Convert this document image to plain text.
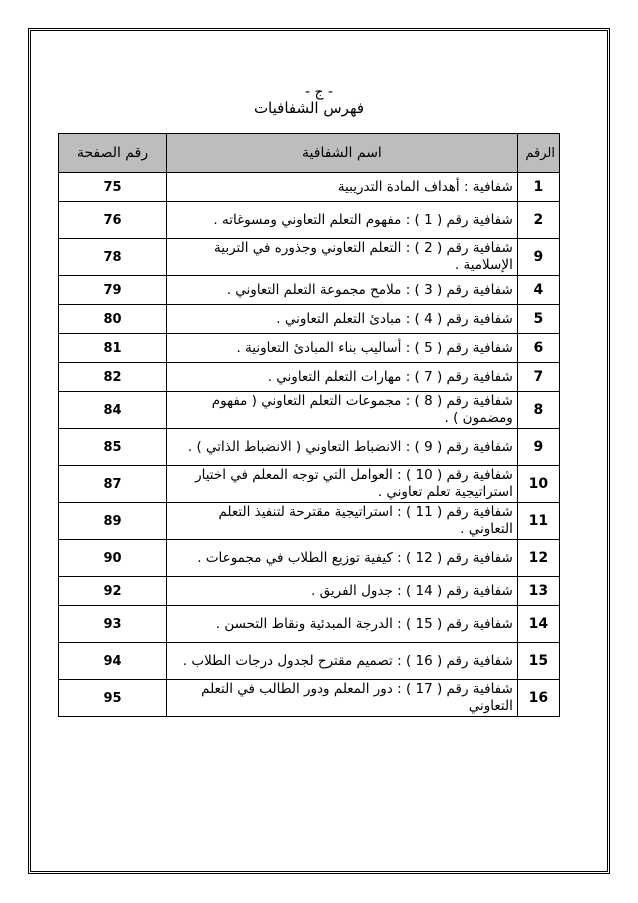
- ج -
فهرس الشفافيات
الرقم	اسم الشفافية	رقم الصفحة
1	شفافية : أهداف المادة التدريبية	75
2	شفافية رقم ( 1 ) : مفهوم التعلم التعاوني ومسوغاته .	76
9	شفافية رقم ( 2 ) : التعلم التعاوني وجذوره في التربية الإسلامية .	78
4	شفافية رقم ( 3 ) : ملامح مجموعة التعلم التعاوني .	79
5	شفافية رقم ( 4 ) : مبادئ التعلم التعاوني .	80
6	شفافية رقم ( 5 ) : أساليب بناء المبادئ التعاونية .	81
7	شفافية رقم ( 7 ) : مهارات التعلم التعاوني .	82
8	شفافية رقم ( 8 ) : مجموعات التعلم التعاوني ( مفهوم ومضمون ) .	84
9	شفافية رقم ( 9 ) : الانضباط التعاوني ( الانضباط الذاتي ) .	85
10	شفافية رقم ( 10 ) : العوامل التي توجه المعلم في اختيار استراتيجية تعلم تعاوني .	87
11	شفافية رقم ( 11 ) : استراتيجية مقترحة لتنفيذ التعلم التعاوني .	89
12	شفافية رقم ( 12 ) : كيفية توزيع الطلاب في مجموعات .	90
13	شفافية رقم ( 14 ) : جدول الفريق .	92
14	شفافية رقم ( 15 ) : الدرجة المبدئية ونقاط التحسن .	93
15	شفافية رقم ( 16 ) : تصميم مقترح لجدول درجات الطلاب .	94
16	شفافية رقم ( 17 ) : دور المعلم ودور الطالب في التعلم التعاوني	95
